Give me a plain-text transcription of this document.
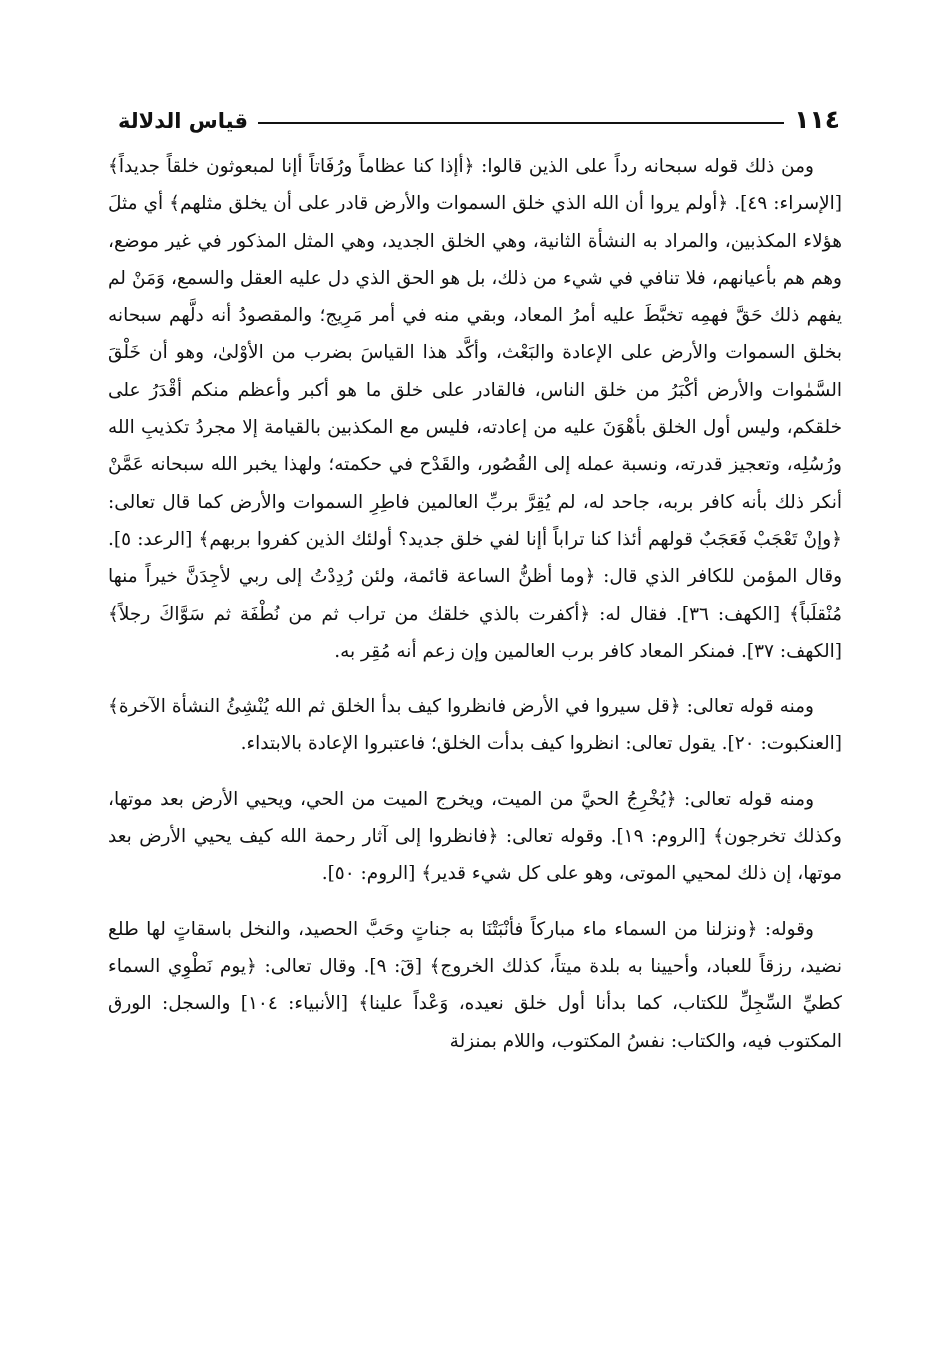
١١٤
قياس الدلالة

ومن ذلك قوله سبحانه رداً على الذين قالوا: ﴿أإذا كنا عظاماً ورُفَاتاً أإنا لمبعوثون خلقاً جديداً﴾ [الإسراء: ٤٩]. ﴿أولم يروا أن الله الذي خلق السموات والأرض قادر على أن يخلق مثلهم﴾ أي مثلَ هؤلاء المكذبين، والمراد به النشأة الثانية، وهي الخلق الجديد، وهي المثل المذكور في غير موضع، وهم هم بأعيانهم، فلا تنافي في شيء من ذلك، بل هو الحق الذي دل عليه العقل والسمع، وَمَنْ لم يفهم ذلك حَقَّ فهمِه تخبَّطَ عليه أمرُ المعاد، وبقي منه في أمر مَرِيج؛ والمقصودُ أنه دلَّهم سبحانه بخلق السموات والأرض على الإعادة والبَعْث، وأكَّد هذا القياسَ بضرب من الأوْلىٰ، وهو أن خَلْقَ السَّمٰوات والأرض أكْبَرُ من خلق الناس، فالقادر على خلق ما هو أكبر وأعظم منكم أقْدَرُ على خلقكم، وليس أول الخلق بأهْوَنَ عليه من إعادته، فليس مع المكذبين بالقيامة إلا مجردُ تكذيبِ الله ورُسُلِه، وتعجيز قدرته، ونسبة عمله إلى القُصُور، والقَدْح في حكمته؛ ولهذا يخبر الله سبحانه عَمَّنْ أنكر ذلك بأنه كافر بربه، جاحد له، لم يُقِرَّ بربِّ العالمين فاطِرِ السموات والأرض كما قال تعالى: ﴿وإنْ تَعْجَبْ فَعَجَبٌ قولهم أئذا كنا تراباً أإنا لفي خلق جديد؟ أولئك الذين كفروا بربهم﴾ [الرعد: ٥]. وقال المؤمن للكافر الذي قال: ﴿وما أظنُّ الساعة قائمة، ولئن رُدِدْتُ إلى ربي لأجِدَنَّ خيراً منها مُنْقلَباً﴾ [الكهف: ٣٦]. فقال له: ﴿أكفرت بالذي خلقك من تراب ثم من نُطْفَة ثم سَوَّاكَ رجلاً﴾ [الكهف: ٣٧]. فمنكر المعاد كافر برب العالمين وإن زعم أنه مُقِر به.

ومنه قوله تعالى: ﴿قل سيروا في الأرض فانظروا كيف بدأ الخلق ثم الله يُنْشِئُ النشأة الآخرة﴾ [العنكبوت: ٢٠]. يقول تعالى: انظروا كيف بدأت الخلق؛ فاعتبروا الإعادة بالابتداء.

ومنه قوله تعالى: ﴿يُخْرِجُ الحيَّ من الميت، ويخرج الميت من الحي، ويحيي الأرض بعد موتها، وكذلك تخرجون﴾ [الروم: ١٩]. وقوله تعالى: ﴿فانظروا إلى آثار رحمة الله كيف يحيي الأرض بعد موتها، إن ذلك لمحيي الموتى، وهو على كل شيء قدير﴾ [الروم: ٥٠].

وقوله: ﴿ونزلنا من السماء ماء مباركاً فأنْبَتْنَا به جناتٍ وحَبَّ الحصيد، والنخل باسقاتٍ لها طلع نضيد، رزقاً للعباد، وأحيينا به بلدة ميتاً، كذلك الخروج﴾ [قٓ: ٩]. وقال تعالى: ﴿يوم نَطْوِي السماء كطيِّ السِّجِلِّ للكتاب، كما بدأنا أول خلق نعيده، وَعْداً علينا﴾ [الأنبياء: ١٠٤] والسجل: الورق المكتوب فيه، والكتاب: نفسُ المكتوب، واللام بمنزلة
